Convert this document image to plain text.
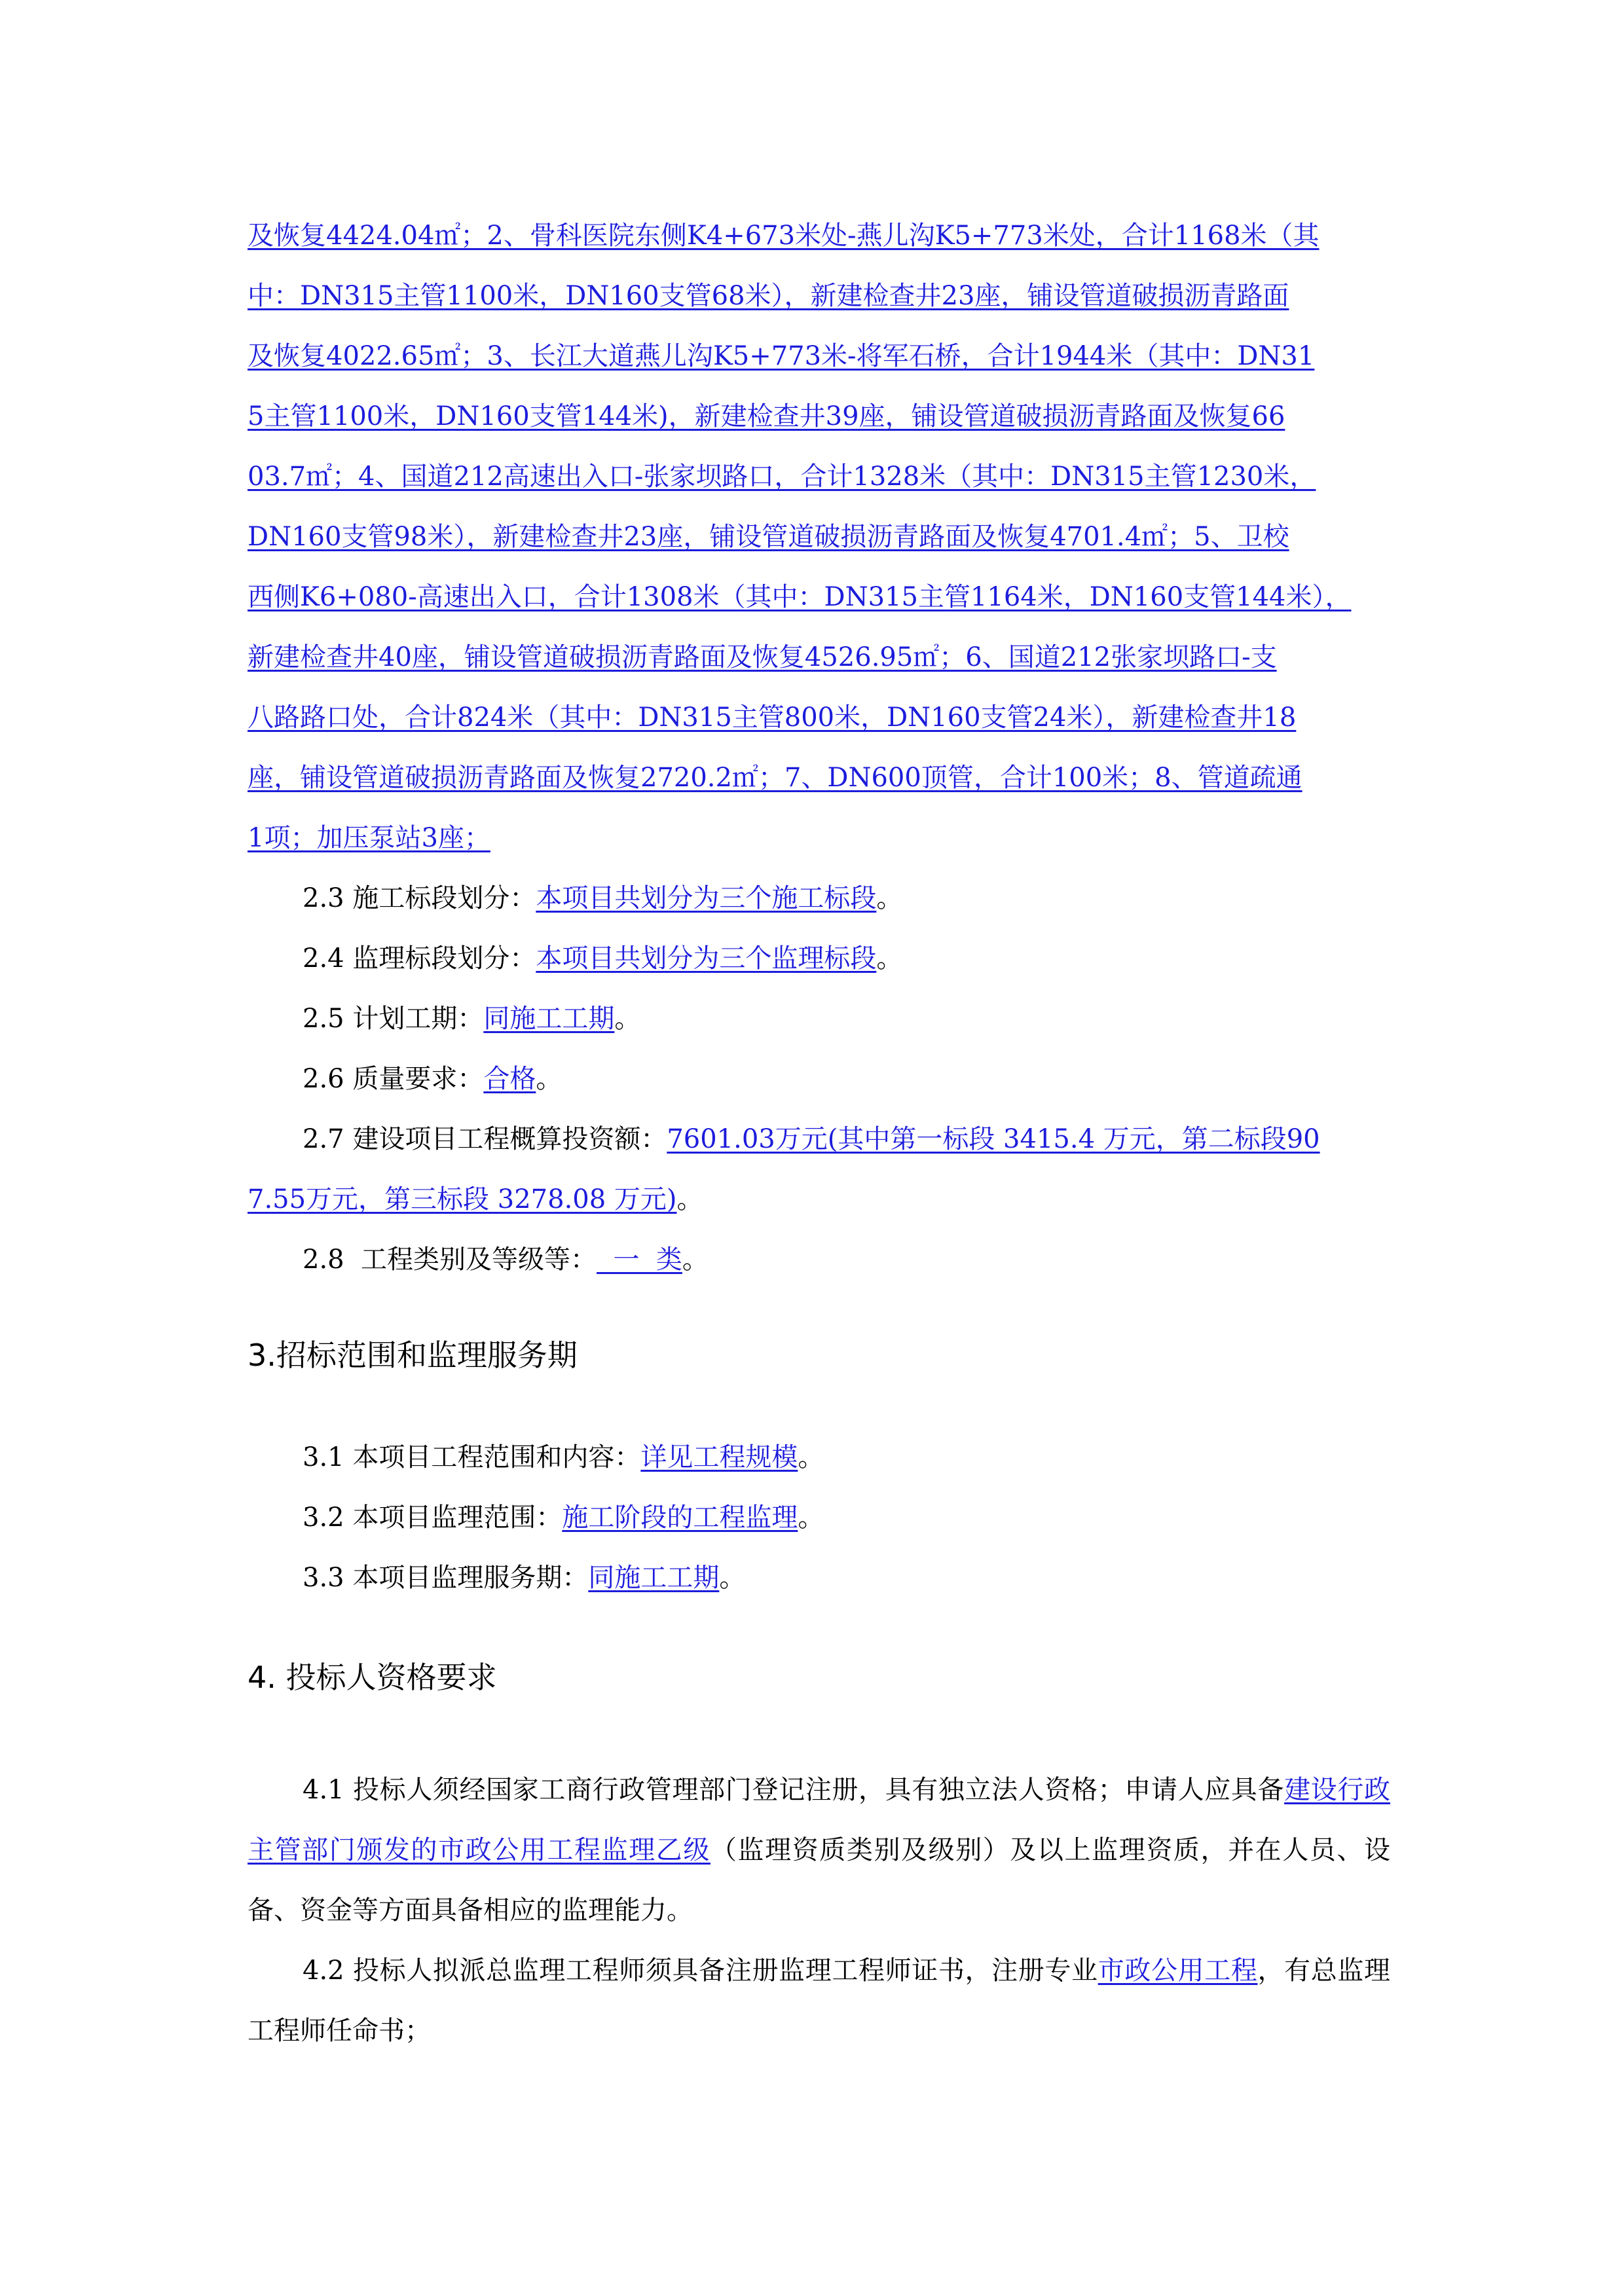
及恢复4424.04㎡；2、骨科医院东侧K4+673米处-燕儿沟K5+773米处，合计1168米（其
中：DN315主管1100米，DN160支管68米），新建检查井23座，铺设管道破损沥青路面
及恢复4022.65㎡；3、长江大道燕儿沟K5+773米-将军石桥，合计1944米（其中：DN31
5主管1100米，DN160支管144米)，新建检查井39座，铺设管道破损沥青路面及恢复66
03.7㎡；4、国道212高速出入口-张家坝路口，合计1328米（其中：DN315主管1230米，
DN160支管98米），新建检查井23座，铺设管道破损沥青路面及恢复4701.4㎡；5、卫校
西侧K6+080-高速出入口，合计1308米（其中：DN315主管1164米，DN160支管144米），
新建检查井40座，铺设管道破损沥青路面及恢复4526.95㎡；6、国道212张家坝路口-支
八路路口处，合计824米（其中：DN315主管800米，DN160支管24米），新建检查井18
座，铺设管道破损沥青路面及恢复2720.2㎡；7、DN600顶管，合计100米；8、管道疏通
1项；加压泵站3座；
2.3 施工标段划分：本项目共划分为三个施工标段。
2.4 监理标段划分：本项目共划分为三个监理标段。
2.5 计划工期：同施工工期。
2.6 质量要求：合格。
2.7 建设项目工程概算投资额：7601.03万元(其中第一标段 3415.4 万元，第二标段90
7.55万元，第三标段 3278.08 万元)。
2.8  工程类别及等级等：  一  类。
3.招标范围和监理服务期
3.1 本项目工程范围和内容：详见工程规模。
3.2 本项目监理范围：施工阶段的工程监理。
3.3 本项目监理服务期：同施工工期。
4. 投标人资格要求
4.1 投标人须经国家工商行政管理部门登记注册，具有独立法人资格；申请人应具备建设行政主管部门颁发的市政公用工程监理乙级（监理资质类别及级别）及以上监理资质，并在人员、设备、资金等方面具备相应的监理能力。
4.2 投标人拟派总监理工程师须具备注册监理工程师证书，注册专业市政公用工程，有总监理工程师任命书；
